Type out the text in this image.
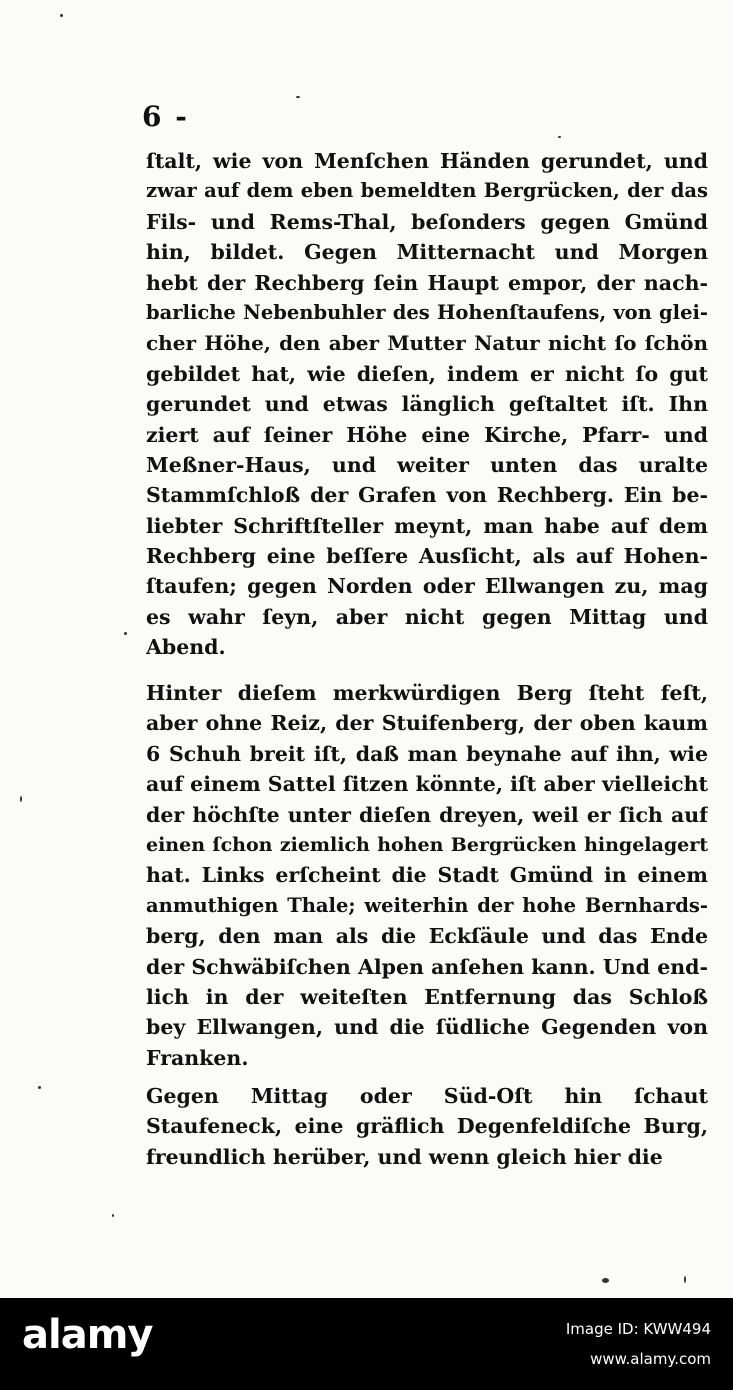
6 -
ſtalt, wie von Menſchen Händen gerundet, und
zwar auf dem eben bemeldten Bergrücken, der das
Fils- und Rems-Thal, beſonders gegen Gmünd
hin, bildet. Gegen Mitternacht und Morgen
hebt der Rechberg ſein Haupt empor, der nach-
barliche Nebenbuhler des Hohenſtaufens, von glei-
cher Höhe, den aber Mutter Natur nicht ſo ſchön
gebildet hat, wie dieſen, indem er nicht ſo gut
gerundet und etwas länglich geſtaltet iſt. Ihn
ziert auf ſeiner Höhe eine Kirche, Pfarr- und
Meßner-Haus, und weiter unten das uralte
Stammſchloß der Grafen von Rechberg. Ein be-
liebter Schriftſteller meynt, man habe auf dem
Rechberg eine beſſere Ausſicht, als auf Hohen-
ſtaufen; gegen Norden oder Ellwangen zu, mag
es wahr ſeyn, aber nicht gegen Mittag und
Abend.
Hinter dieſem merkwürdigen Berg ſteht feſt,
aber ohne Reiz, der Stuifenberg, der oben kaum
6 Schuh breit iſt, daß man beynahe auf ihn, wie
auf einem Sattel ſitzen könnte, iſt aber vielleicht
der höchſte unter dieſen dreyen, weil er ſich auf
einen ſchon ziemlich hohen Bergrücken hingelagert
hat. Links erſcheint die Stadt Gmünd in einem
anmuthigen Thale; weiterhin der hohe Bernhards-
berg, den man als die Eckſäule und das Ende
der Schwäbiſchen Alpen anſehen kann. Und end-
lich in der weiteſten Entfernung das Schloß
bey Ellwangen, und die ſüdliche Gegenden von
Franken.
Gegen Mittag oder Süd-Oſt hin ſchaut
Staufeneck, eine gräflich Degenfeldiſche Burg,
freundlich herüber, und wenn gleich hier die
alamy	Image ID: KWW494
www.alamy.com
